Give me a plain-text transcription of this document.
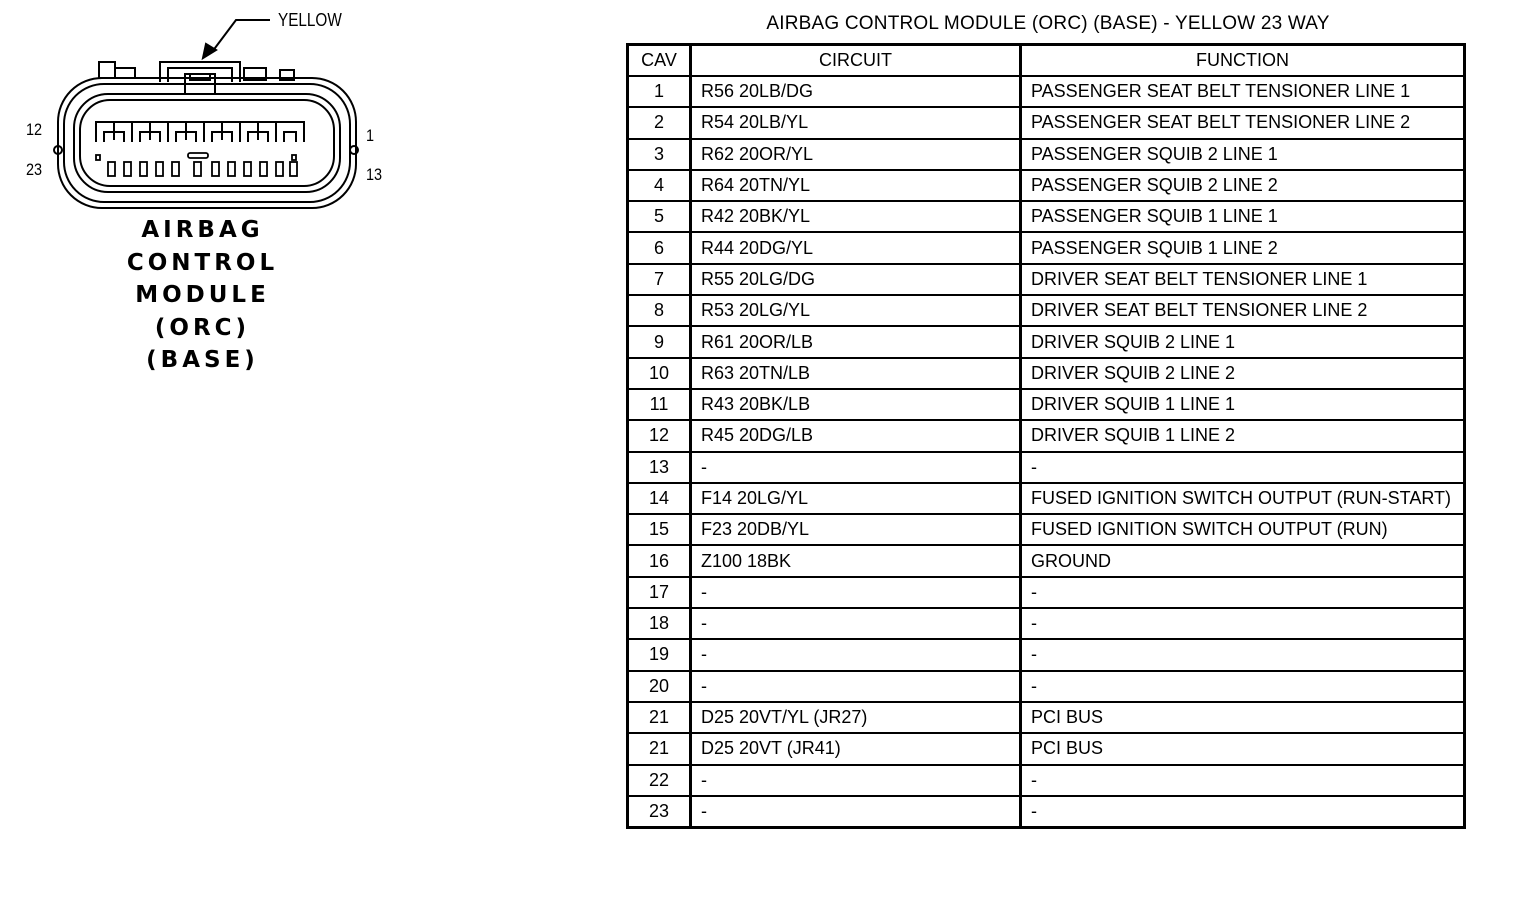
YELLOW
12	1
23	13
AIRBAG
CONTROL
MODULE
(ORC)
(BASE)
AIRBAG CONTROL MODULE (ORC) (BASE) - YELLOW 23 WAY
CAV	CIRCUIT	FUNCTION
1	R56 20LB/DG	PASSENGER SEAT BELT TENSIONER LINE 1
2	R54 20LB/YL	PASSENGER SEAT BELT TENSIONER LINE 2
3	R62 20OR/YL	PASSENGER SQUIB 2 LINE 1
4	R64 20TN/YL	PASSENGER SQUIB 2 LINE 2
5	R42 20BK/YL	PASSENGER SQUIB 1 LINE 1
6	R44 20DG/YL	PASSENGER SQUIB 1 LINE 2
7	R55 20LG/DG	DRIVER SEAT BELT TENSIONER LINE 1
8	R53 20LG/YL	DRIVER SEAT BELT TENSIONER LINE 2
9	R61 20OR/LB	DRIVER SQUIB 2 LINE 1
10	R63 20TN/LB	DRIVER SQUIB 2 LINE 2
11	R43 20BK/LB	DRIVER SQUIB 1 LINE 1
12	R45 20DG/LB	DRIVER SQUIB 1 LINE 2
13	-	-
14	F14 20LG/YL	FUSED IGNITION SWITCH OUTPUT (RUN-START)
15	F23 20DB/YL	FUSED IGNITION SWITCH OUTPUT (RUN)
16	Z100 18BK	GROUND
17	-	-
18	-	-
19	-	-
20	-	-
21	D25 20VT/YL (JR27)	PCI BUS
21	D25 20VT (JR41)	PCI BUS
22	-	-
23	-	-
